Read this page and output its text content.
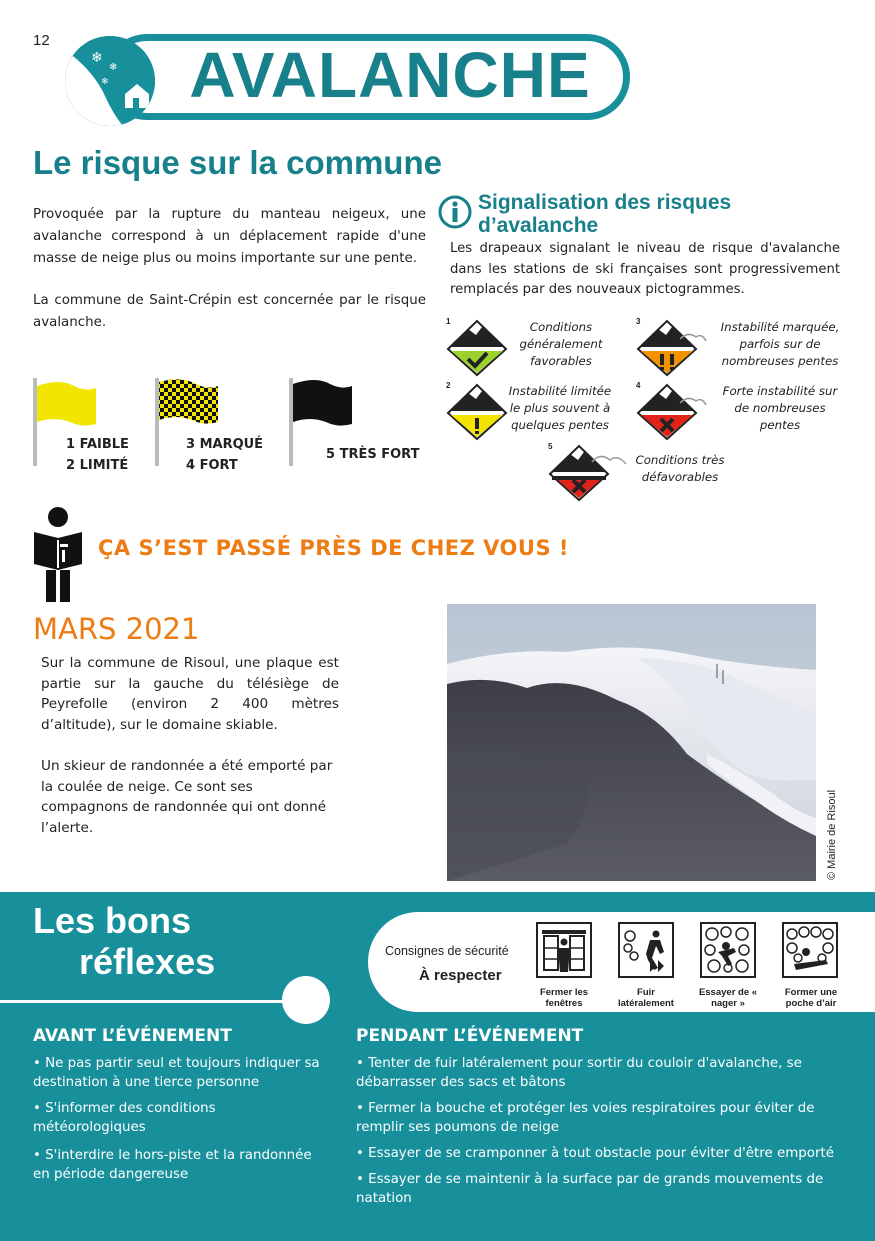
12	AVALANCHE
❄
❄
❄
Le risque sur la commune
Provoquée par la rupture du manteau neigeux, une avalanche correspond à un déplacement rapide d'une masse de neige plus ou moins importante sur une pente.
La commune de Saint-Crépin est concernée par le risque avalanche.
1 FAIBLE
2 LIMITÉ
3 MARQUÉ
4 FORT
5 TRÈS FORT
Signalisation des risques d’avalanche
Les drapeaux signalant le niveau de risque d'avalanche dans les stations de ski françaises sont progressivement remplacés par des nouveaux pictogrammes.
1	Conditions généralement favorables
2	Instabilité limitée le plus souvent à quelques pentes
3	Instabilité marquée, parfois sur de nombreuses pentes
4	Forte instabilité sur de nombreuses pentes
5
Conditions très défavorables
ÇA S’EST PASSÉ PRÈS DE CHEZ VOUS !
MARS 2021
Sur la commune de Risoul, une plaque est partie sur la gauche du télésiège de Peyrefolle (environ 2 400 mètres d’altitude), sur le domaine skiable.
Un skieur de randonnée a été emporté par la coulée de neige. Ce sont ses compagnons de randonnée qui ont donné l’alerte.	© Mairie de Risoul
Les bons
réflexes	Consignes de sécurité
À respecter
Fermer les fenêtres
Fuir latéralement
Essayer de « nager »
Former une poche d’air
AVANT L’ÉVÉNEMENT
• Ne pas partir seul et toujours indiquer sa destination à une tierce personne
• S'informer des conditions météorologiques
• S'interdire le hors-piste et la randonnée en période dangereuse
PENDANT L’ÉVÉNEMENT
• Tenter de fuir latéralement pour sortir du couloir d'avalanche, se débarrasser des sacs et bâtons
• Fermer la bouche et protéger les voies respiratoires pour éviter de remplir ses poumons de neige
• Essayer de se cramponner à tout obstacle pour éviter d'être emporté
• Essayer de se maintenir à la surface par de grands mouvements de natation
